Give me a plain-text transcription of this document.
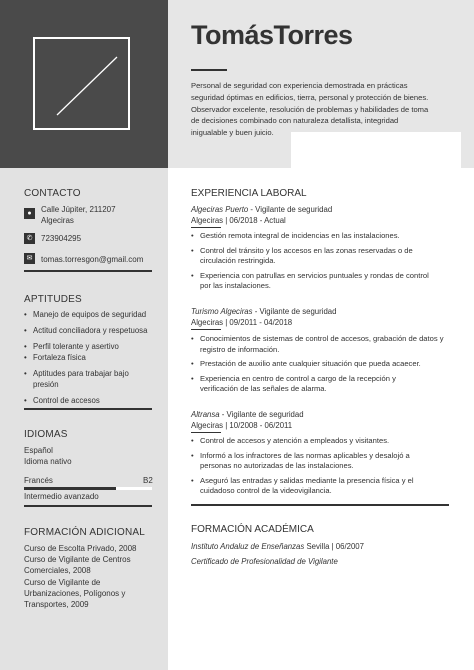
TomásTorres
Personal de seguridad con experiencia demostrada en prácticas
seguridad óptimas en edificios, tierra, personal y protección de bienes.
Observador excelente, resolución de problemas y habilidades de toma
de decisiones combinado con naturaleza detallista, integridad
inigualable y buen juicio.
CONTACTO
●	Calle Júpiter, 211207
Algeciras
✆	723904295
✉	tomas.torresgon@gmail.com
APTITUDES
• Manejo de equipos de seguridad
• Actitud conciliadora y respetuosa
• Perfil tolerante y asertivo
• Fortaleza física
• Aptitudes para trabajar bajo presión
• Control de accesos
IDIOMAS
Español
Idioma nativo
Francés	B2
Intermedio avanzado
FORMACIÓN ADICIONAL
Curso de Escolta Privado, 2008
Curso de Vigilante de Centros
Comerciales, 2008
Curso de Vigilante de
Urbanizaciones, Polígonos y
Transportes, 2009
EXPERIENCIA LABORAL
Algeciras Puerto - Vigilante de seguridad
Algeciras | 06/2018 - Actual
• Gestión remota integral de incidencias en las instalaciones.
• Control del tránsito y los accesos en las zonas reservadas o de circulación restringida.
• Experiencia con patrullas en servicios puntuales y rondas de control por las instalaciones.
Turismo Algeciras - Vigilante de seguridad
Algeciras | 09/2011 - 04/2018
• Conocimientos de sistemas de control de accesos, grabación de datos y registro de información.
• Prestación de auxilio ante cualquier situación que pueda acaecer.
• Experiencia en centro de control a cargo de la recepción y verificación de las señales de alarma.
Altransa - Vigilante de seguridad
Algeciras | 10/2008 - 06/2011
• Control de accesos y atención a empleados y visitantes.
• Informó a los infractores de las normas aplicables y desalojó a personas no autorizadas de las instalaciones.
• Aseguró las entradas y salidas mediante la presencia física y el cuidadoso control de la videovigilancia.
FORMACIÓN ACADÉMICA
Instituto Andaluz de Enseñanzas Sevilla | 06/2007
Certificado de Profesionalidad de Vigilante
